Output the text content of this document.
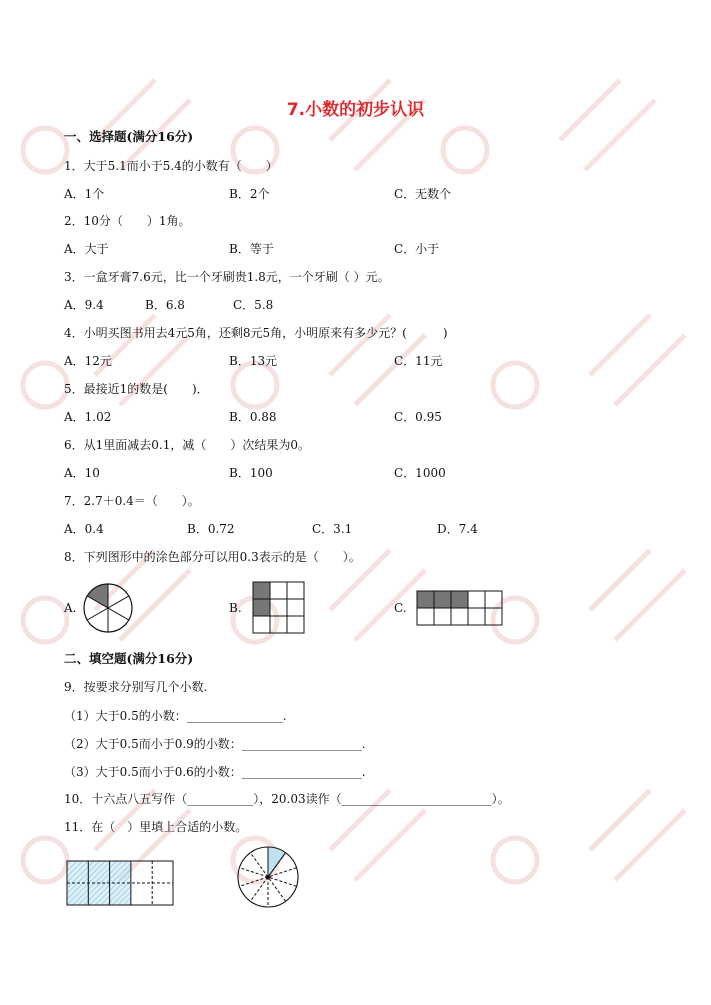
7.小数的初步认识
一、选择题(满分16分)
1．大于5.1而小于5.4的小数有（　　）
A．1个	B．2个	C．无数个
2．10分（　　）1角。
A．大于	B．等于	C．小于
3．一盒牙膏7.6元，比一个牙刷贵1.8元，一个牙刷（ ）元。
A．9.4	B．6.8	C．5.8
4．小明买图书用去4元5角，还剩8元5角，小明原来有多少元？(　　　)
A．12元	B．13元	C．11元
5．最接近1的数是(　　)．
A．1.02	B．0.88	C．0.95
6．从1里面减去0.1，减（　　）次结果为0。
A．10	B．100	C．1000
7．2.7＋0.4＝（　　）。
A．0.4	B．0.72	C．3.1	D．7.4
8．下列图形中的涂色部分可以用0.3表示的是（　　）。
A.	B.	C.
二、填空题(满分16分)
9．按要求分别写几个小数.
（1）大于0.5的小数：________________.
（2）大于0.5而小于0.9的小数：____________________.
（3）大于0.5而小于0.6的小数：____________________.
10．十六点八五写作（___________），20.03读作（_________________________）。
11．在（　）里填上合适的小数。
